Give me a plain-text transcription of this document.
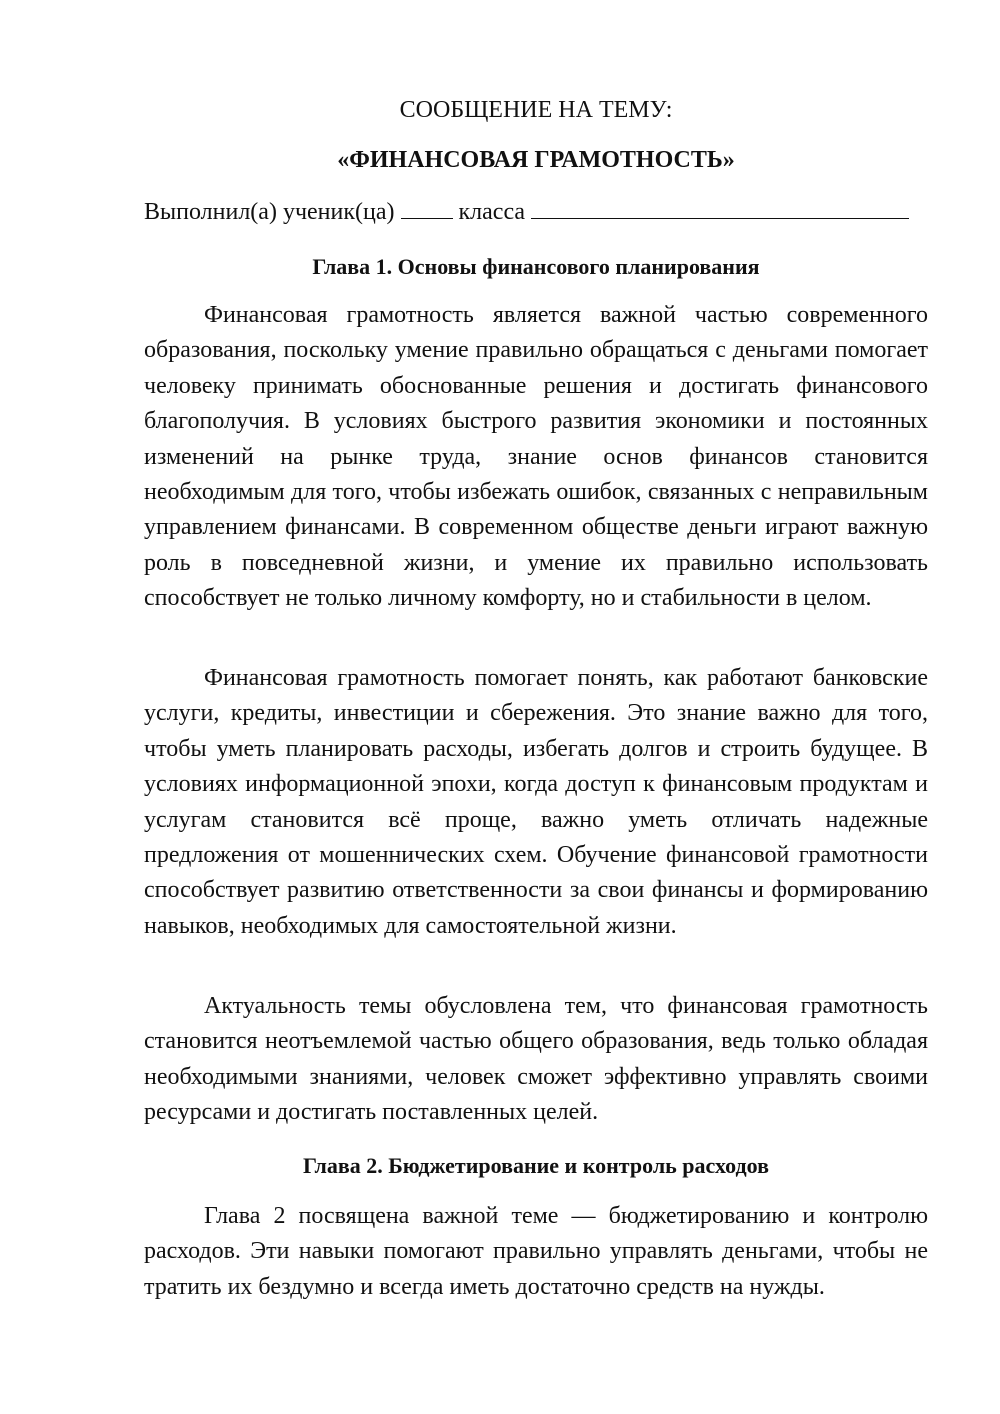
СООБЩЕНИЕ НА ТЕМУ:
«ФИНАНСОВАЯ ГРАМОТНОСТЬ»
Выполнил(а) ученик(ца)	класса
Глава 1. Основы финансового планирования

Финансовая грамотность является важной частью современного образования, поскольку умение правильно обращаться с деньгами помогает человеку принимать обоснованные решения и достигать финансового благополучия. В условиях быстрого развития экономики и постоянных изменений на рынке труда, знание основ финансов становится необходимым для того, чтобы избежать ошибок, связанных с неправильным управлением финансами. В современном обществе деньги играют важную роль в повседневной жизни, и умение их правильно использовать способствует не только личному комфорту, но и стабильности в целом.

Финансовая грамотность помогает понять, как работают банковские услуги, кредиты, инвестиции и сбережения. Это знание важно для того, чтобы уметь планировать расходы, избегать долгов и строить будущее. В условиях информационной эпохи, когда доступ к финансовым продуктам и услугам становится всё проще, важно уметь отличать надежные предложения от мошеннических схем. Обучение финансовой грамотности способствует развитию ответственности за свои финансы и формированию навыков, необходимых для самостоятельной жизни.

Актуальность темы обусловлена тем, что финансовая грамотность становится неотъемлемой частью общего образования, ведь только обладая необходимыми знаниями, человек сможет эффективно управлять своими ресурсами и достигать поставленных целей.

Глава 2. Бюджетирование и контроль расходов

Глава 2 посвящена важной теме — бюджетированию и контролю расходов. Эти навыки помогают правильно управлять деньгами, чтобы не тратить их бездумно и всегда иметь достаточно средств на нужды.
